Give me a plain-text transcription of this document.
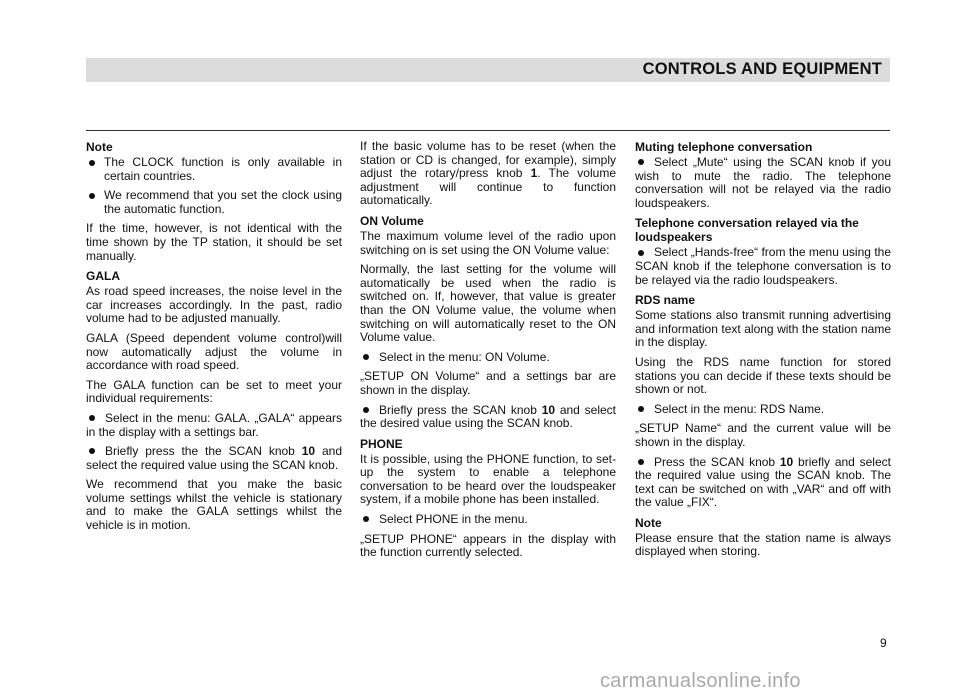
CONTROLS AND EQUIPMENT
Note

The CLOCK function is only available in certain countries.

We recommend that you set the clock using the automatic function.

If the time, however, is not identical with the time shown by the TP station, it should be set manually.

GALA

As road speed increases, the noise level in the car increases accordingly. In the past, radio volume had to be adjusted manually.

GALA (Speed dependent volume control)will now automatically adjust the volume in accordance with road speed.

The GALA function can be set to meet your individual requirements:

Select in the menu: GALA. „GALA“ appears in the display with a settings bar.

Briefly press the the SCAN knob 10 and select the required value using the SCAN knob.

We recommend that you make the basic volume settings whilst the vehicle is stationary and to make the GALA settings whilst the vehicle is in motion.

If the basic volume has to be reset (when the station or CD is changed, for example), simply adjust the rotary/press knob 1. The volume adjustment will continue to function automatically.

ON Volume

The maximum volume level of the radio upon switching on is set using the ON Volume value:

Normally, the last setting for the volume will automatically be used when the radio is switched on. If, however, that value is greater than the ON Volume value, the volume when switching on will automatically reset to the ON Volume value.

Select in the menu: ON Volume.

„SETUP ON Volume“ and a settings bar are shown in the display.

Briefly press the SCAN knob 10 and select the desired value using the SCAN knob.

PHONE

It is possible, using the PHONE function, to set-up the system to enable a telephone conversation to be heard over the loudspeaker system, if a mobile phone has been installed.

Select PHONE in the menu.

„SETUP PHONE“ appears in the display with the function currently selected.

Muting telephone conversation

Select „Mute“ using the SCAN knob if you wish to mute the radio. The telephone conversation will not be relayed via the radio loudspeakers.

Telephone conversation relayed via the loudspeakers

Select „Hands-free“ from the menu using the SCAN knob if the telephone conversation is to be relayed via the radio loudspeakers.

RDS name

Some stations also transmit running advertising and information text along with the station name in the display.

Using the RDS name function for stored stations you can decide if these texts should be shown or not.

Select in the menu: RDS Name.

„SETUP Name“ and the current value will be shown in the display.

Press the SCAN knob 10 briefly and select the required value using the SCAN knob. The text can be switched on with „VAR“ and off with the value „FIX“.

Note

Please ensure that the station name is always displayed when storing.

9
carmanualsonline.info
